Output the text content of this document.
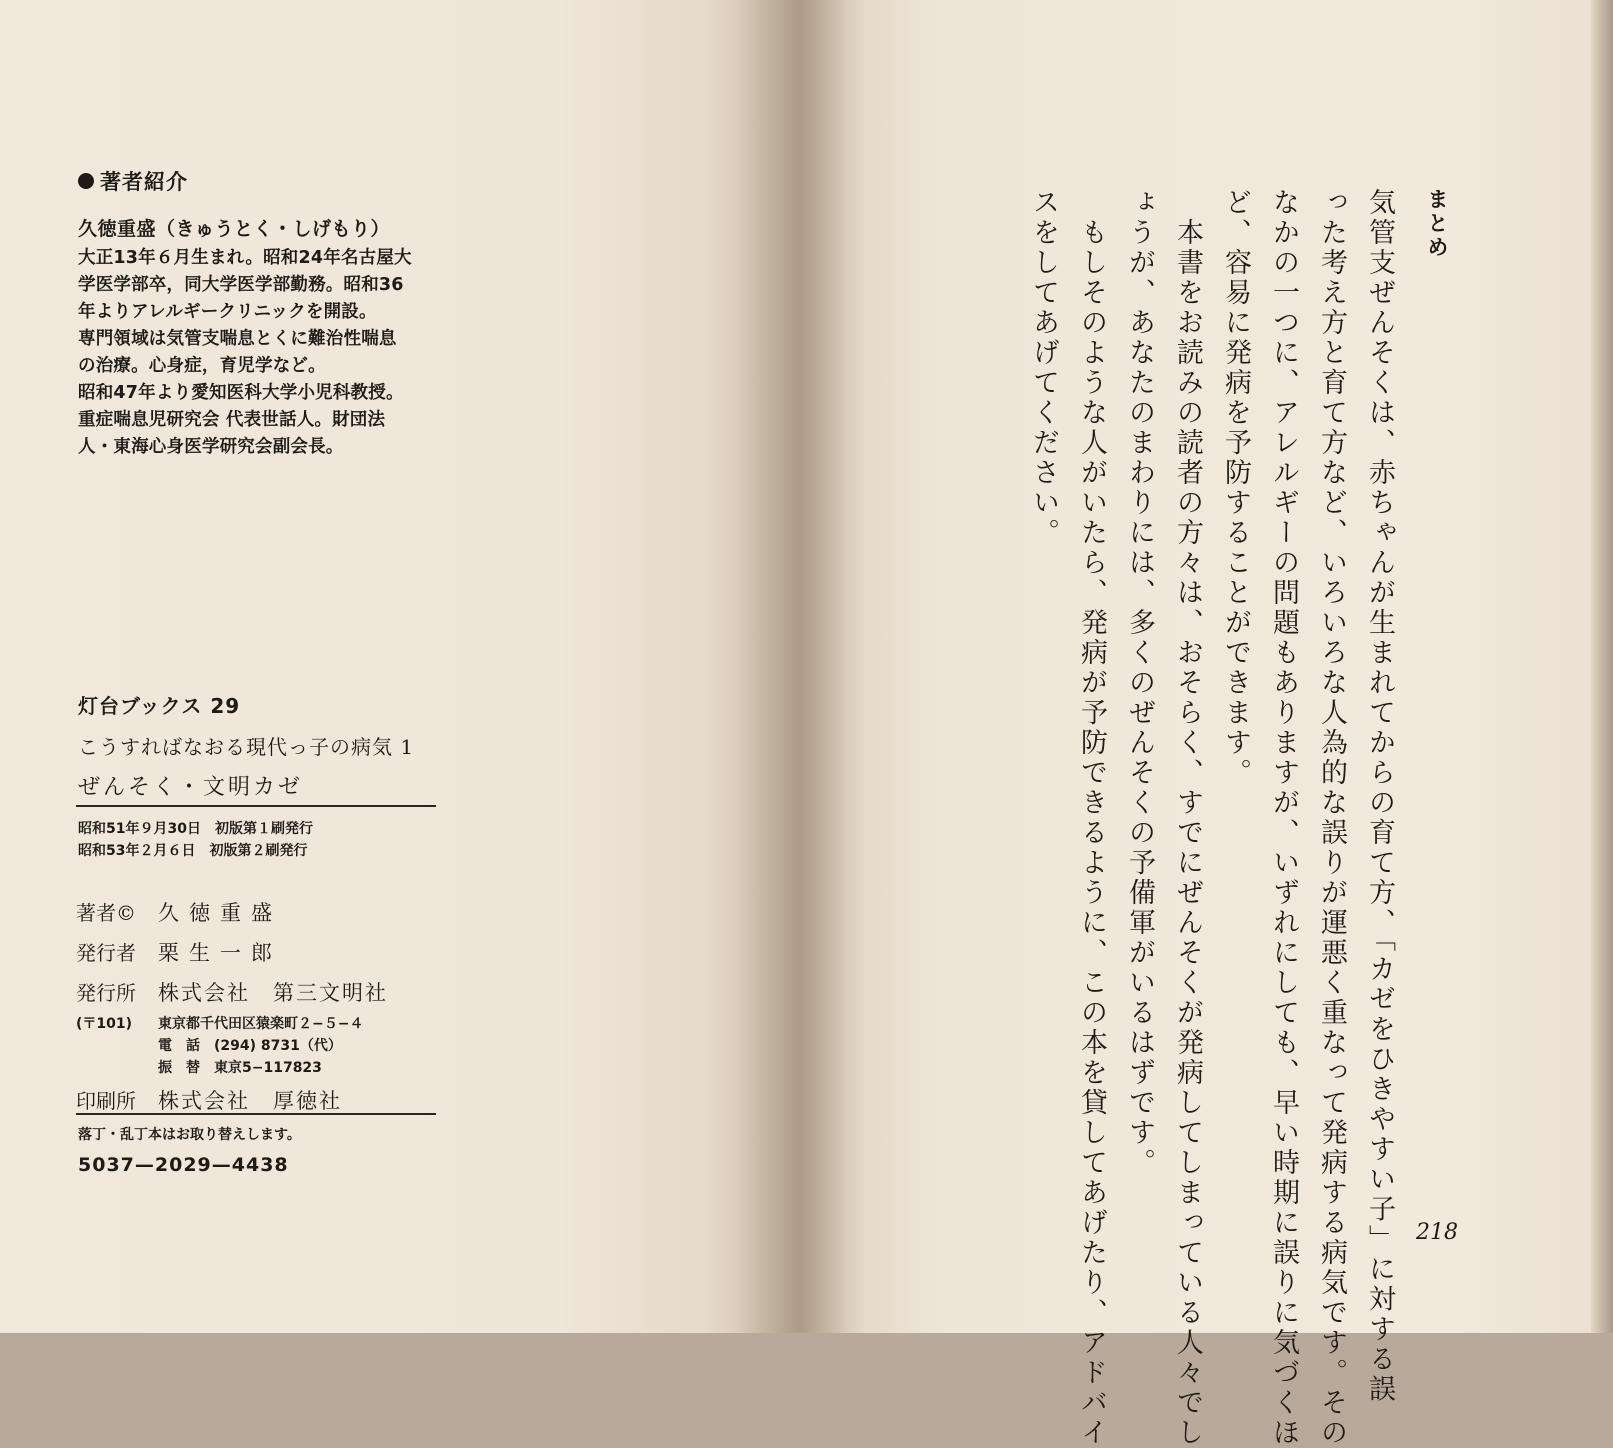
著者紹介
久徳重盛（きゅうとく・しげもり）
大正13年６月生まれ。昭和24年名古屋大
学医学部卒，同大学医学部勤務。昭和36
年よりアレルギークリニックを開設。
専門領域は気管支喘息とくに難治性喘息
の治療。心身症，育児学など。
昭和47年より愛知医科大学小児科教授。
重症喘息児研究会 代表世話人。財団法
人・東海心身医学研究会副会長。
灯台ブックス 29
こうすればなおる現代っ子の病気 1
ぜんそく・文明カゼ
昭和51年９月30日　初版第１刷発行
昭和53年２月６日　初版第２刷発行
著者©	久徳重盛
発行者	栗生一郎
発行所	株式会社　第三文明社
(〒101) 東京都千代田区猿楽町２−５−４
電　話　(294) 8731（代）
振　替　東京5−117823
印刷所	株式会社　厚徳社
落丁・乱丁本はお取り替えします。
5037—2029—4438
まとめ
気管支ぜんそくは、赤ちゃんが生まれてからの育て方、「カゼをひきやすい子」に対する誤
った考え方と育て方など、いろいろな人為的な誤りが運悪く重なって発病する病気です。その
なかの一つに、アレルギーの問題もありますが、いずれにしても、早い時期に誤りに気づくほ
ど、容易に発病を予防することができます。
　本書をお読みの読者の方々は、おそらく、すでにぜんそくが発病してしまっている人々でし
ょうが、あなたのまわりには、多くのぜんそくの予備軍がいるはずです。
　もしそのような人がいたら、発病が予防できるように、この本を貸してあげたり、アドバイ
スをしてあげてください。
218
